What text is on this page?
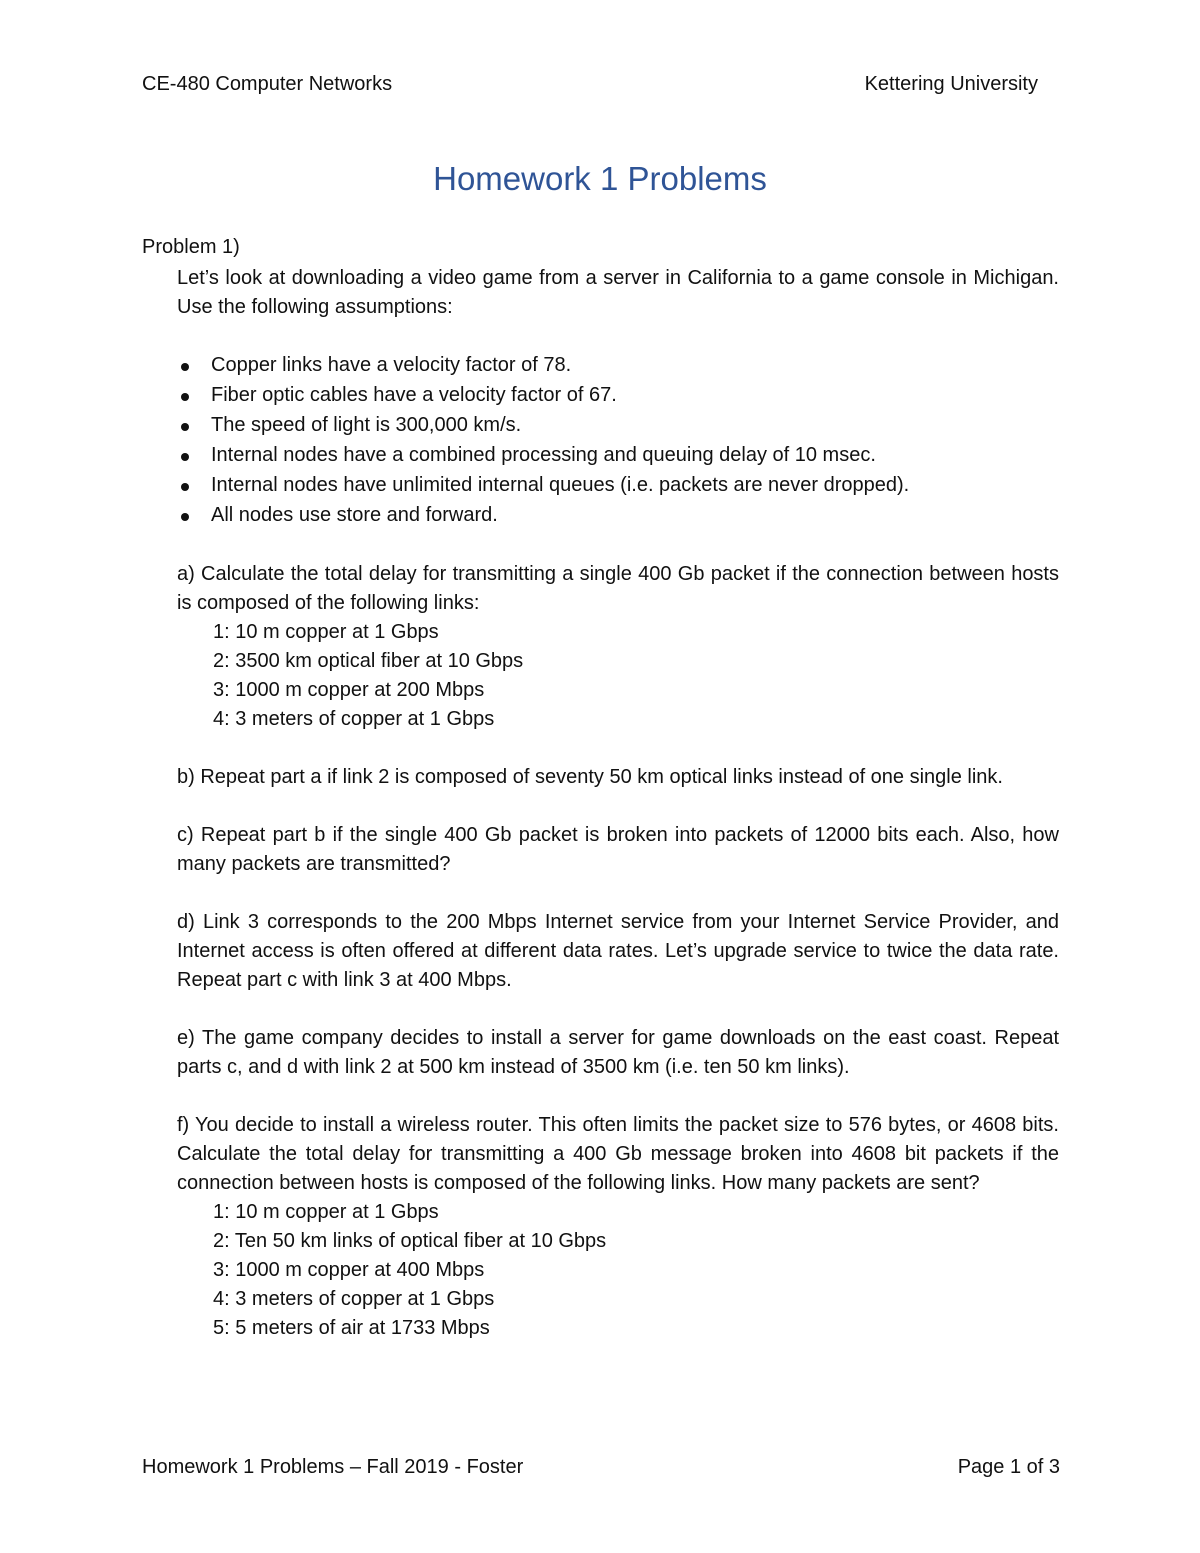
CE-480 Computer Networks	Kettering University
Homework 1 Problems
Problem 1)

Let’s look at downloading a video game from a server in California to a game console in Michigan. Use the following assumptions:

Copper links have a velocity factor of 78.
Fiber optic cables have a velocity factor of 67.
The speed of light is 300,000 km/s.
Internal nodes have a combined processing and queuing delay of 10 msec.
Internal nodes have unlimited internal queues (i.e. packets are never dropped).
All nodes use store and forward.

a) Calculate the total delay for transmitting a single 400 Gb packet if the connection between hosts is composed of the following links:

1: 10 m copper at 1 Gbps
2: 3500 km optical fiber at 10 Gbps
3: 1000 m copper at 200 Mbps
4: 3 meters of copper at 1 Gbps

b) Repeat part a if link 2 is composed of seventy 50 km optical links instead of one single link.

c) Repeat part b if the single 400 Gb packet is broken into packets of 12000 bits each. Also, how many packets are transmitted?

d) Link 3 corresponds to the 200 Mbps Internet service from your Internet Service Provider, and Internet access is often offered at different data rates. Let’s upgrade service to twice the data rate. Repeat part c with link 3 at 400 Mbps.

e) The game company decides to install a server for game downloads on the east coast. Repeat parts c, and d with link 2 at 500 km instead of 3500 km (i.e. ten 50 km links).

f) You decide to install a wireless router. This often limits the packet size to 576 bytes, or 4608 bits. Calculate the total delay for transmitting a 400 Gb message broken into 4608 bit packets if the connection between hosts is composed of the following links. How many packets are sent?

1: 10 m copper at 1 Gbps
2: Ten 50 km links of optical fiber at 10 Gbps
3: 1000 m copper at 400 Mbps
4: 3 meters of copper at 1 Gbps
5: 5 meters of air at 1733 Mbps
Homework 1 Problems – Fall 2019 - Foster	Page 1 of 3
